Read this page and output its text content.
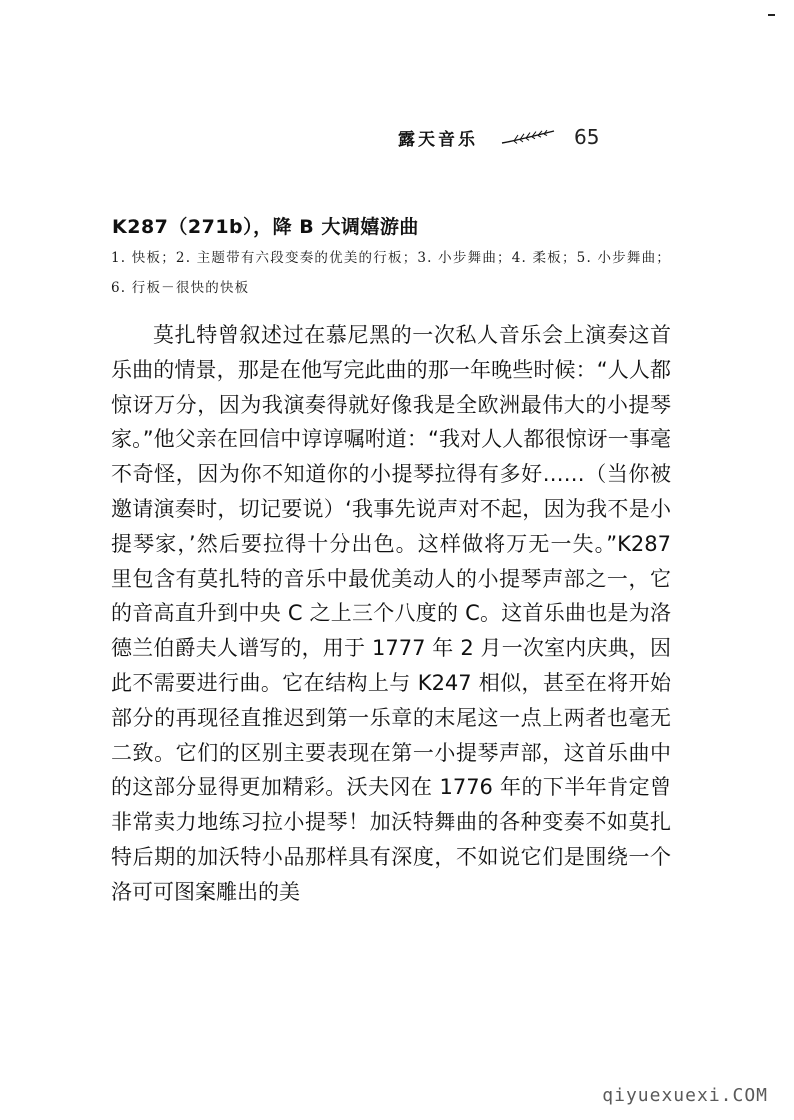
露天音乐	65
K287（271b），降 B 大调嬉游曲
1. 快板；2. 主题带有六段变奏的优美的行板；3. 小步舞曲；4. 柔板；5. 小步舞曲；6. 行板－很快的快板

莫扎特曾叙述过在慕尼黑的一次私人音乐会上演奏这首乐曲的情景，那是在他写完此曲的那一年晚些时候：“人人都惊讶万分，因为我演奏得就好像我是全欧洲最伟大的小提琴家。”他父亲在回信中谆谆嘱咐道：“我对人人都很惊讶一事毫不奇怪，因为你不知道你的小提琴拉得有多好……（当你被邀请演奏时，切记要说）‘我事先说声对不起，因为我不是小提琴家，’然后要拉得十分出色。这样做将万无一失。”K287 里包含有莫扎特的音乐中最优美动人的小提琴声部之一，它的音高直升到中央 C 之上三个八度的 C。这首乐曲也是为洛德兰伯爵夫人谱写的，用于 1777 年 2 月一次室内庆典，因此不需要进行曲。它在结构上与 K247 相似，甚至在将开始部分的再现径直推迟到第一乐章的末尾这一点上两者也毫无二致。它们的区别主要表现在第一小提琴声部，这首乐曲中的这部分显得更加精彩。沃夫冈在 1776 年的下半年肯定曾非常卖力地练习拉小提琴！加沃特舞曲的各种变奏不如莫扎特后期的加沃特小品那样具有深度，不如说它们是围绕一个洛可可图案雕出的美

qiyuexuexi.COM
